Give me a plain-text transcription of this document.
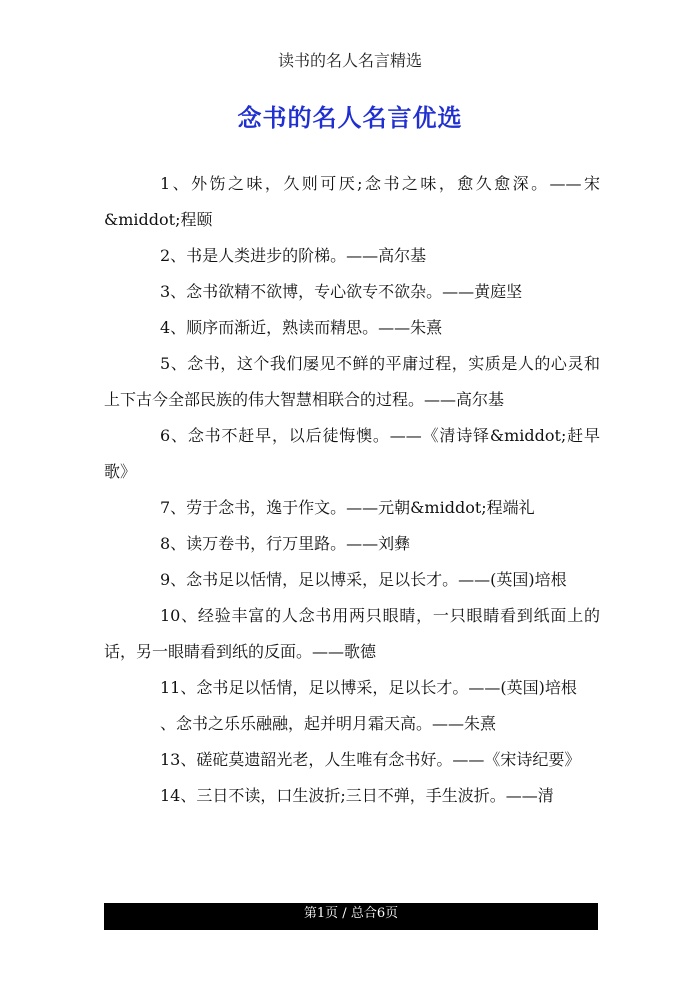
读书的名人名言精选
念书的名人名言优选

1、外饬之味，久则可厌;念书之味，愈久愈深。——宋&middot;程颐

2、书是人类进步的阶梯。——高尔基

3、念书欲精不欲博，专心欲专不欲杂。——黄庭坚

4、顺序而渐近，熟读而精思。——朱熹

5、念书，这个我们屡见不鲜的平庸过程，实质是人的心灵和上下古今全部民族的伟大智慧相联合的过程。——高尔基

6、念书不赶早，以后徒悔懊。——《清诗铎&middot;赶早歌》

7、劳于念书，逸于作文。——元朝&middot;程端礼

8、读万卷书，行万里路。——刘彝

9、念书足以恬情，足以博采，足以长才。——(英国)培根

10、经验丰富的人念书用两只眼睛，一只眼睛看到纸面上的话，另一眼睛看到纸的反面。——歌德

11、念书足以恬情，足以博采，足以长才。——(英国)培根

、念书之乐乐融融，起并明月霜天高。——朱熹

13、磋砣莫遗韶光老，人生唯有念书好。——《宋诗纪要》

14、三日不读，口生波折;三日不弹，手生波折。——清

第1页 / 总合6页
